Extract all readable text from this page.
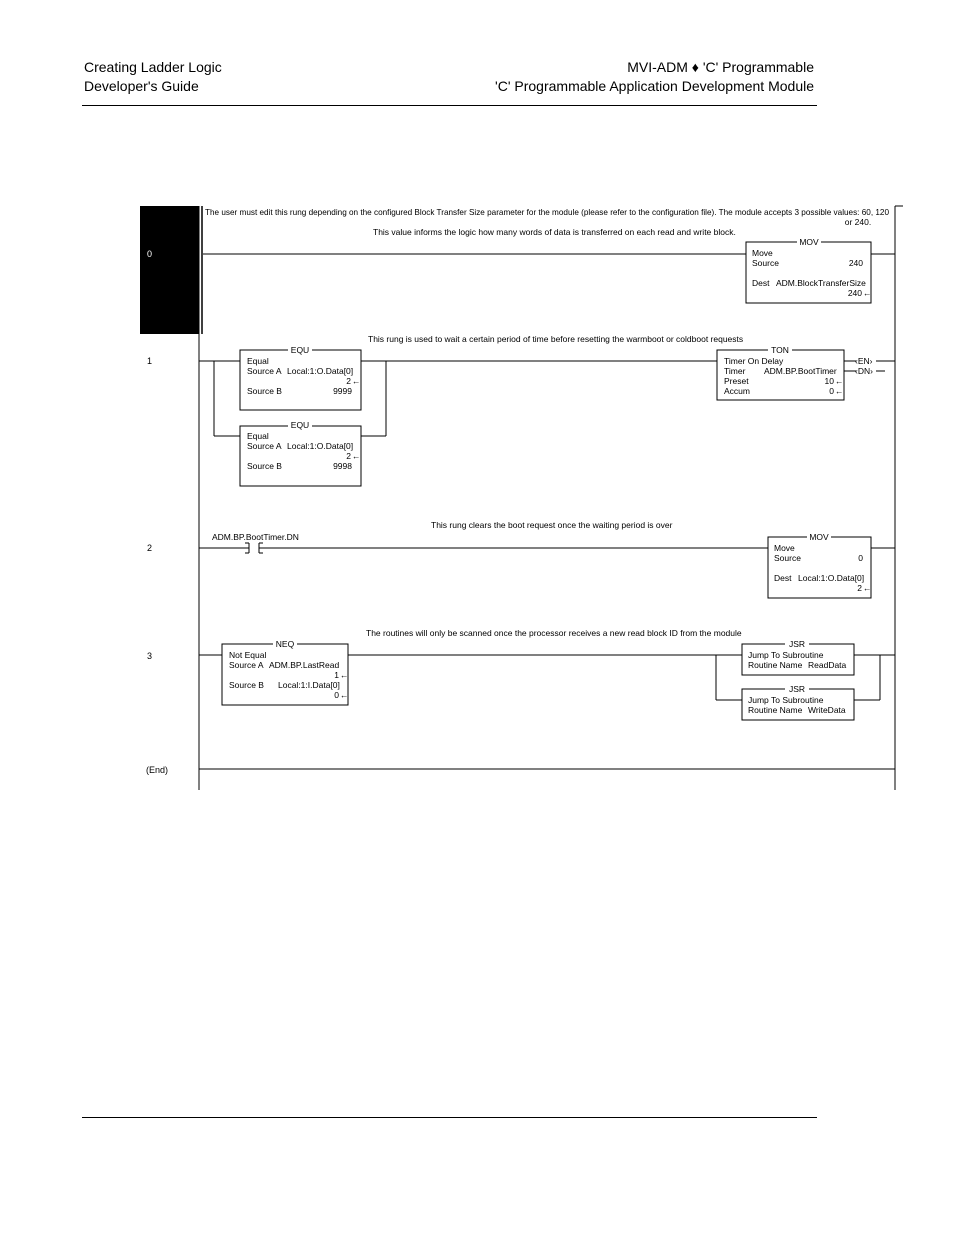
Creating Ladder Logic
Developer's Guide
MVI-ADM ♦ 'C' Programmable
'C' Programmable Application Development Module
0
The user must edit this rung depending on the configured Block Transfer Size parameter for the module (please refer to the configuration file). The module accepts 3 possible values: 60, 120
or 240.
This value informs the logic how many words of data is transferred on each read and write block.
MOV
Move
Source	240
Dest ADM.BlockTransferSize
240 ←
1
This rung is used to wait a certain period of time before resetting the warmboot or coldboot requests
EQU
Equal
Source A Local:1:O.Data[0]
2 ←
Source B	9999
EQU
Equal
Source A Local:1:O.Data[0]
2 ←
Source B	9998
TON
Timer On Delay
Timer ADM.BP.BootTimer
Preset	10 ←
Accum	0 ←
‹EN›
‹DN›
2
This rung clears the boot request once the waiting period is over
ADM.BP.BootTimer.DN	MOV
Move
Source	0
Dest Local:1:O.Data[0]
2 ←
3
The routines will only be scanned once the processor receives a new read block ID from the module
NEQ
Not Equal
Source A ADM.BP.LastRead
1 ←
Source B Local:1:I.Data[0]
0 ←
JSR
Jump To Subroutine
Routine Name ReadData
JSR
Jump To Subroutine
Routine Name WriteData
(End)
